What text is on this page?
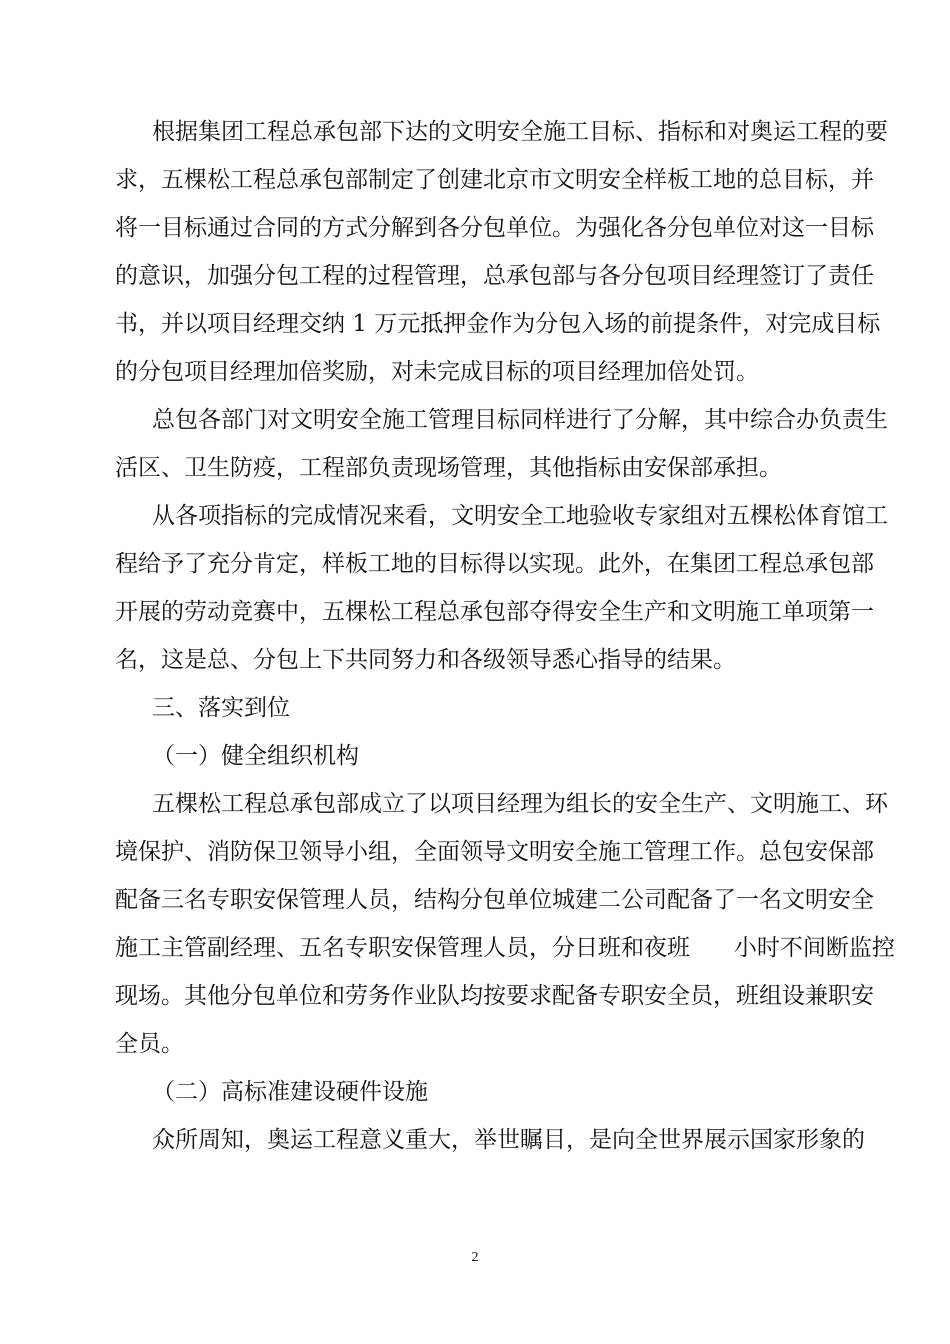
根据集团工程总承包部下达的文明安全施工目标、指标和对奥运工程的要
求，五棵松工程总承包部制定了创建北京市文明安全样板工地的总目标，并
将一目标通过合同的方式分解到各分包单位。为强化各分包单位对这一目标
的意识，加强分包工程的过程管理，总承包部与各分包项目经理签订了责任
书，并以项目经理交纳 1 万元抵押金作为分包入场的前提条件，对完成目标
的分包项目经理加倍奖励，对未完成目标的项目经理加倍处罚。
总包各部门对文明安全施工管理目标同样进行了分解，其中综合办负责生
活区、卫生防疫，工程部负责现场管理，其他指标由安保部承担。
从各项指标的完成情况来看，文明安全工地验收专家组对五棵松体育馆工
程给予了充分肯定，样板工地的目标得以实现。此外，在集团工程总承包部
开展的劳动竞赛中，五棵松工程总承包部夺得安全生产和文明施工单项第一
名，这是总、分包上下共同努力和各级领导悉心指导的结果。
三、落实到位
（一）健全组织机构
五棵松工程总承包部成立了以项目经理为组长的安全生产、文明施工、环
境保护、消防保卫领导小组，全面领导文明安全施工管理工作。总包安保部
配备三名专职安保管理人员，结构分包单位城建二公司配备了一名文明安全
施工主管副经理、五名专职安保管理人员，分日班和夜班      小时不间断监控
现场。其他分包单位和劳务作业队均按要求配备专职安全员，班组设兼职安
全员。
（二）高标准建设硬件设施
众所周知，奥运工程意义重大，举世瞩目，是向全世界展示国家形象的
2
